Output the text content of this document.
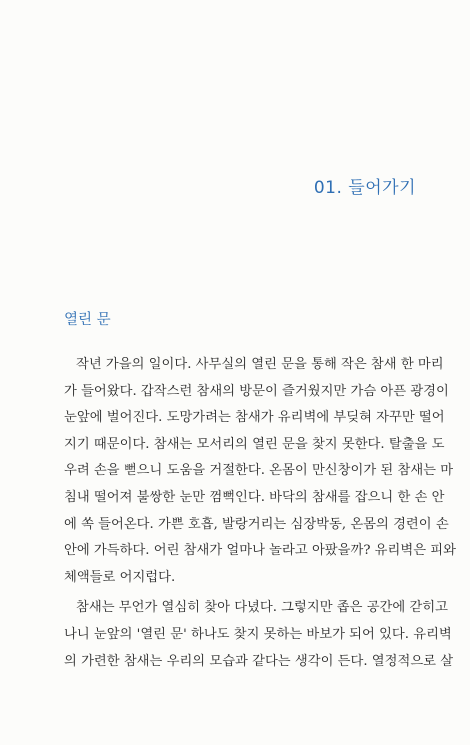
01. 들어가기
열린 문
작년 가을의 일이다. 사무실의 열린 문을 통해 작은 참새 한 마리
가 들어왔다. 갑작스런 참새의 방문이 즐거웠지만 가슴 아픈 광경이
눈앞에 벌어진다. 도망가려는 참새가 유리벽에 부딪혀 자꾸만 떨어
지기 때문이다. 참새는 모서리의 열린 문을 찾지 못한다. 탈출을 도
우려 손을 뻗으니 도움을 거절한다. 온몸이 만신창이가 된 참새는 마
침내 떨어져 불쌍한 눈만 껌뻑인다. 바닥의 참새를 잡으니 한 손 안
에 쏙 들어온다. 가쁜 호흡, 발랑거리는 심장박동, 온몸의 경련이 손
안에 가득하다. 어린 참새가 얼마나 놀라고 아팠을까? 유리벽은 피와
체액들로 어지럽다.
참새는 무언가 열심히 찾아 다녔다. 그렇지만 좁은 공간에 갇히고
나니 눈앞의 '열린 문' 하나도 찾지 못하는 바보가 되어 있다. 유리벽
의 가련한 참새는 우리의 모습과 같다는 생각이 든다. 열정적으로 살
